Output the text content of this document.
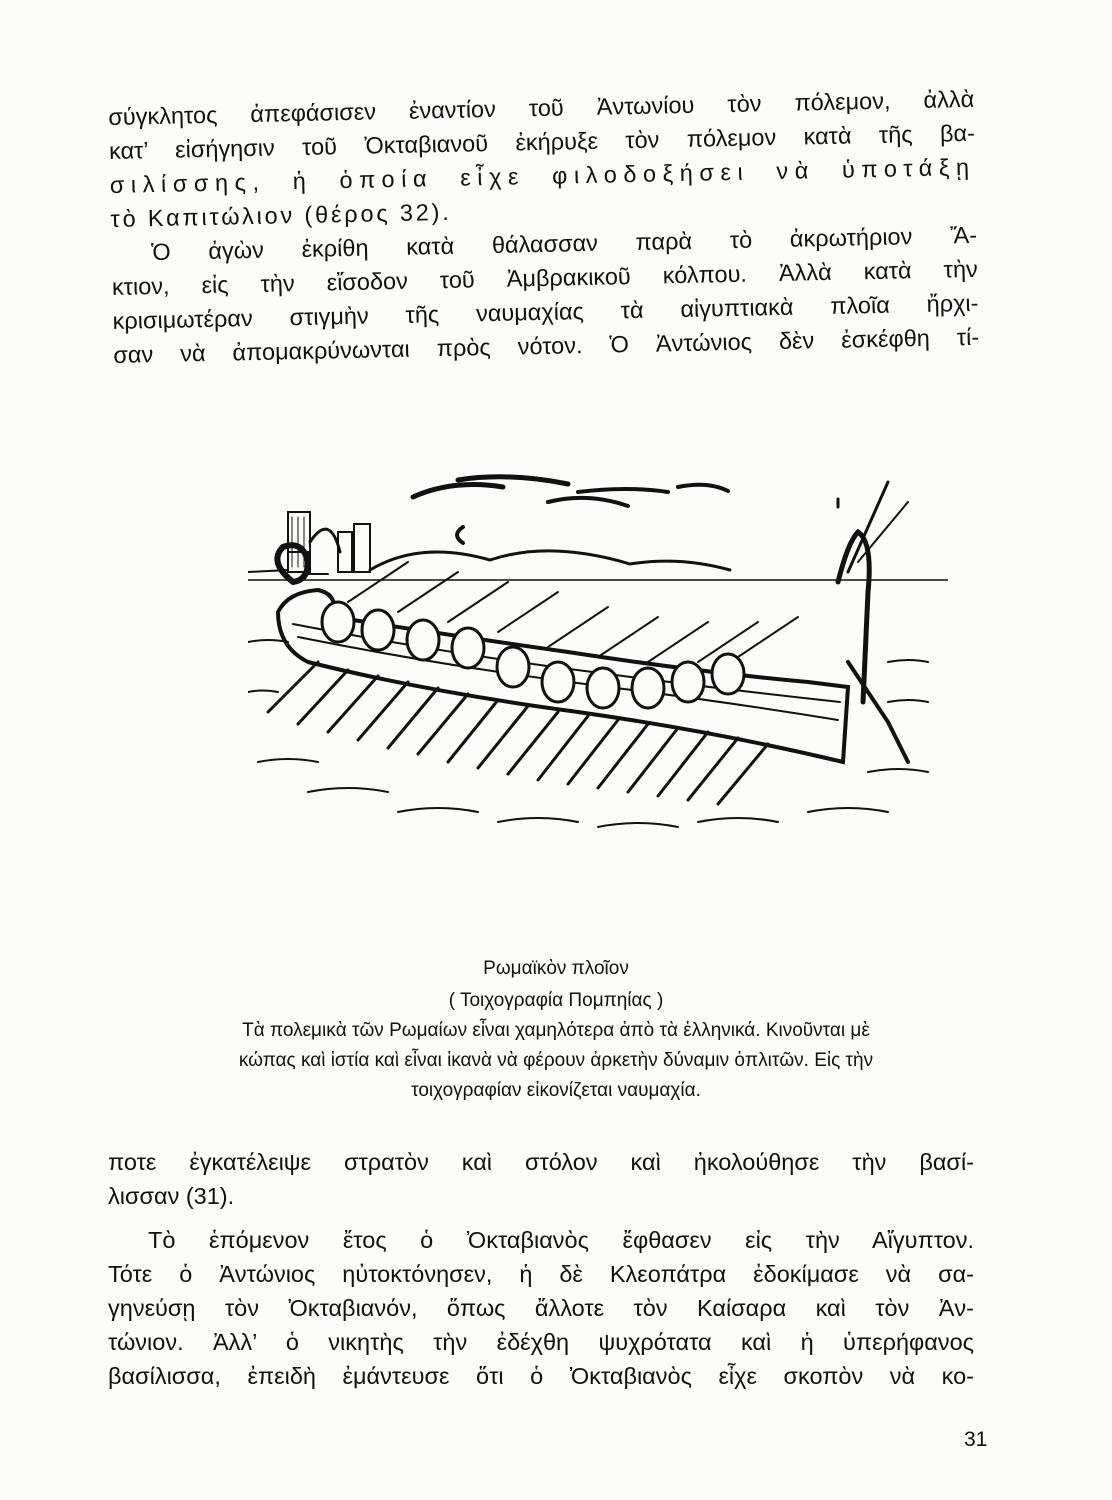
σύγκλητος ἀπεφάσισεν ἐναντίον τοῦ Ἀντωνίου τὸν πόλεμον, ἀλλὰ
κατ’ εἰσήγησιν τοῦ Ὀκταβιανοῦ ἐκήρυξε τὸν πόλεμον κατὰ τῆς βα-
σιλίσσης, ἡ ὁποία εἶχε φιλοδοξήσει νὰ ὑποτάξῃ
τὸ Καπιτώλιον (θέρος 32).
Ὁ ἀγὼν ἐκρίθη κατὰ θάλασσαν παρὰ τὸ ἀκρωτήριον Ἄ-
κτιον, εἰς τὴν εἴσοδον τοῦ Ἀμβρακικοῦ κόλπου. Ἀλλὰ κατὰ τὴν
κρισιμωτέραν στιγμὴν τῆς ναυμαχίας τὰ αἰγυπτιακὰ πλοῖα ἤρχι-
σαν νὰ ἀπομακρύνωνται πρὸς νότον. Ὁ Ἀντώνιος δὲν ἐσκέφθη τί-
Ρωμαϊκὸν πλοῖον
( Τοιχογραφία Πομπηίας )
Τὰ πολεμικὰ τῶν Ρωμαίων εἶναι χαμηλότερα ἀπὸ τὰ ἑλληνικά. Κινοῦνται μὲ
κώπας καὶ ἱστία καὶ εἶναι ἱκανὰ νὰ φέρουν ἀρκετὴν δύναμιν ὁπλιτῶν. Εἰς τὴν
τοιχογραφίαν εἰκονίζεται ναυμαχία.
ποτε ἐγκατέλειψε στρατὸν καὶ στόλον καὶ ἠκολούθησε τὴν βασί-
λισσαν (31).
Τὸ ἑπόμενον ἔτος ὁ Ὀκταβιανὸς ἔφθασεν εἰς τὴν Αἴγυπτον.
Τότε ὁ Ἀντώνιος ηὐτοκτόνησεν, ἡ δὲ Κλεοπάτρα ἐδοκίμασε νὰ σα-
γηνεύσῃ τὸν Ὀκταβιανόν, ὅπως ἄλλοτε τὸν Καίσαρα καὶ τὸν Ἀν-
τώνιον. Ἀλλ’ ὁ νικητὴς τὴν ἐδέχθη ψυχρότατα καὶ ἡ ὑπερήφανος
βασίλισσα, ἐπειδὴ ἐμάντευσε ὅτι ὁ Ὀκταβιανὸς εἶχε σκοπὸν νὰ κο-
31
